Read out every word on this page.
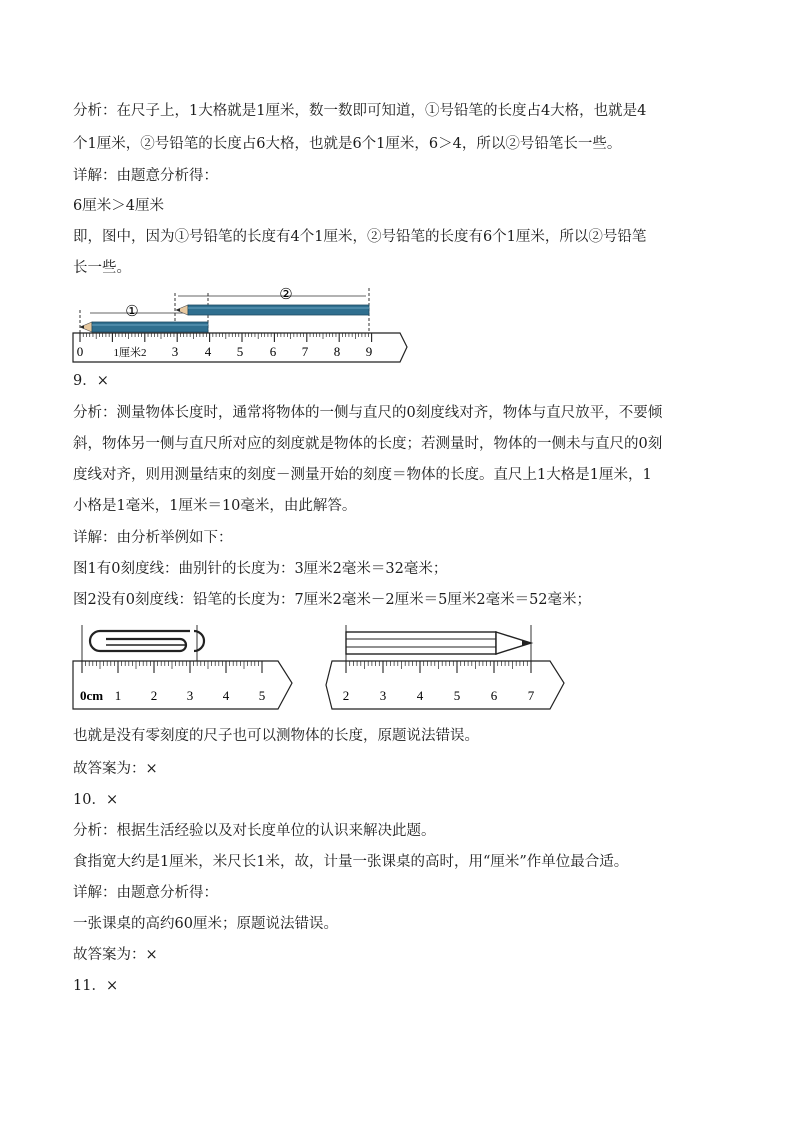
分析：在尺子上，1大格就是1厘米，数一数即可知道，①号铅笔的长度占4大格，也就是4
个1厘米，②号铅笔的长度占6大格，也就是6个1厘米，6＞4，所以②号铅笔长一些。
详解：由题意分析得：
6厘米＞4厘米
即，图中，因为①号铅笔的长度有4个1厘米，②号铅笔的长度有6个1厘米，所以②号铅笔
长一些。
①
②
0	1厘米2 3 4 5 6 7 8 9
9．×
分析：测量物体长度时，通常将物体的一侧与直尺的0刻度线对齐，物体与直尺放平，不要倾
斜，物体另一侧与直尺所对应的刻度就是物体的长度；若测量时，物体的一侧未与直尺的0刻
度线对齐，则用测量结束的刻度－测量开始的刻度＝物体的长度。直尺上1大格是1厘米，1
小格是1毫米，1厘米＝10毫米，由此解答。
详解：由分析举例如下：
图1有0刻度线：曲别针的长度为：3厘米2毫米＝32毫米；
图2没有0刻度线：铅笔的长度为：7厘米2毫米－2厘米＝5厘米2毫米＝52毫米；
0cm 1 2 3 4 5	2 3 4 5 6 7
也就是没有零刻度的尺子也可以测物体的长度，原题说法错误。
故答案为：×
10．×
分析：根据生活经验以及对长度单位的认识来解决此题。
食指宽大约是1厘米，米尺长1米，故，计量一张课桌的高时，用“厘米”作单位最合适。
详解：由题意分析得：
一张课桌的高约60厘米；原题说法错误。
故答案为：×
11．×
